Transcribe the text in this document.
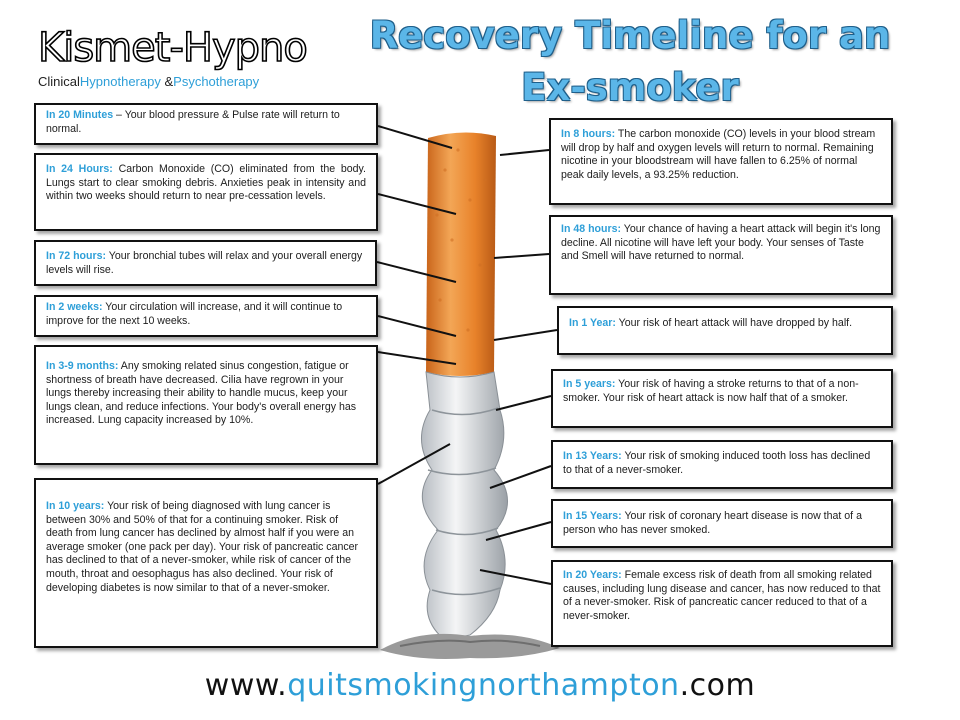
Kismet-Hypno
ClinicalHypnotherapy &Psychotherapy
Recovery Timeline for an
Ex-smoker
In 20 Minutes – Your blood pressure & Pulse rate will return to normal.
In 24 Hours: Carbon Monoxide (CO) eliminated from the body. Lungs start to clear smoking debris. Anxieties peak in intensity and within two weeks should return to near pre-cessation levels.
In 72 hours: Your bronchial tubes will relax and your overall energy levels will rise.
In 2 weeks: Your circulation will increase, and it will continue to improve for the next 10 weeks.
In 3-9 months: Any smoking related sinus congestion, fatigue or shortness of breath have decreased. Cilia have regrown in your lungs thereby increasing their ability to handle mucus, keep your lungs clean, and reduce infections. Your body's overall energy has increased. Lung capacity increased by 10%.
In 10 years: Your risk of being diagnosed with lung cancer is between 30% and 50% of that for a continuing smoker. Risk of death from lung cancer has declined by almost half if you were an average smoker (one pack per day). Your risk of pancreatic cancer has declined to that of a never-smoker, while risk of cancer of the mouth, throat and oesophagus has also declined. Your risk of developing diabetes is now similar to that of a never-smoker.
In 8 hours: The carbon monoxide (CO) levels in your blood stream will drop by half and oxygen levels will return to normal. Remaining nicotine in your bloodstream will have fallen to 6.25% of normal peak daily levels, a 93.25% reduction.
In 48 hours: Your chance of having a heart attack will begin it's long decline. All nicotine will have left your body. Your senses of Taste and Smell will have returned to normal.
In 1 Year: Your risk of heart attack will have dropped by half.
In 5 years: Your risk of having a stroke returns to that of a non-smoker. Your risk of heart attack is now half that of a smoker.
In 13 Years: Your risk of smoking induced tooth loss has declined to that of a never-smoker.
In 15 Years: Your risk of coronary heart disease is now that of a person who has never smoked.
In 20 Years: Female excess risk of death from all smoking related causes, including lung disease and cancer, has now reduced to that of a never-smoker. Risk of pancreatic cancer reduced to that of a never-smoker.
www.quitsmokingnorthampton.com
